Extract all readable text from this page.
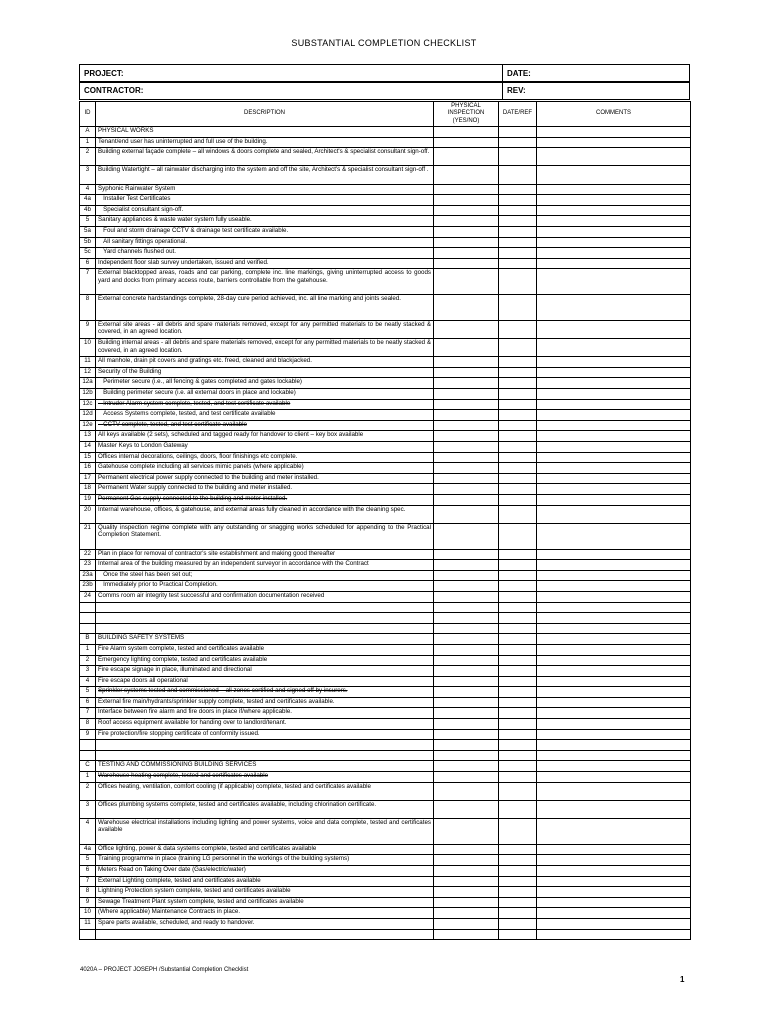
SUBSTANTIAL COMPLETION CHECKLIST
PROJECT:	DATE:
CONTRACTOR:	REV:
ID	DESCRIPTION	PHYSICAL INSPECTION (YES/NO)	DATE/REF	COMMENTS
A	PHYSICAL WORKS			
1	Tenant/end user has uninterrupted and full use of the building.			
2	Building external façade complete – all windows & doors complete and sealed, Architect's & specialist consultant sign-off.			
3	Building Watertight – all rainwater discharging into the system and off the site, Architect's & specialist consultant sign-off .			
4	Syphonic Rainwater System			
4a	Installer Test Certificates			
4b	Specialist consultant sign-off.			
5	Sanitary appliances & waste water system fully useable.			
5a	Foul and storm drainage CCTV & drainage test certificate available.			
5b	All sanitary fittings operational.			
5c	Yard channels flushed out.			
6	Independent floor slab survey undertaken, issued and verified.			
7	External blacktopped areas, roads and car parking, complete inc. line markings, giving uninterrupted access to goods yard and docks from primary access route, barriers controllable from the gatehouse.			
8	External concrete hardstandings complete, 28-day cure period achieved, inc. all line marking and joints sealed.			
9	External site areas - all debris and spare materials removed, except for any permitted materials to be neatly stacked & covered, in an agreed location.			
10	Building internal areas - all debris and spare materials removed, except for any permitted materials to be neatly stacked & covered, in an agreed location.			
11	All manhole, drain pit covers and gratings etc. freed, cleaned and blackjacked.			
12	Security of the Building			
12a	Perimeter secure (i.e., all fencing & gates completed and gates lockable)			
12b	Building perimeter secure (i.e. all external doors in place and lockable)			
12c	Intruder Alarm system complete, tested, and test certificate available			
12d	Access Systems complete, tested, and test certificate available			
12e	CCTV complete, tested, and test certificate available			
13	All keys available (2 sets), scheduled and tagged ready for handover to client – key box available			
14	Master Keys to London Gateway			
15	Offices internal decorations, ceilings, doors, floor finishings etc complete.			
16	Gatehouse complete including all services mimic panels (where applicable)			
17	Permanent electrical power supply connected to the building and meter installed.			
18	Permanent Water supply connected to the building and meter installed.			
19	Permanent Gas supply connected to the building and meter installed.			
20	Internal warehouse, offices, & gatehouse, and external areas fully cleaned in accordance with the cleaning spec.			
21	Quality inspection regime complete with any outstanding or snagging works scheduled for appending to the Practical Completion Statement.			
22	Plan in place for removal of contractor's site establishment and making good thereafter			
23	Internal area of the building measured by an independent surveyor in accordance with the Contract			
23a	Once the steel has been set out;			
23b	Immediately prior to Practical Completion.			
24	Comms room air integrity test successful and confirmation documentation received			

B	BUILDING SAFETY SYSTEMS			
1	Fire Alarm system complete, tested and certificates available			
2	Emergency lighting complete, tested and certificates available			
3	Fire escape signage in place, illuminated and directional			
4	Fire escape doors all operational			
5	Sprinkler systems tested and commissioned – all zones certified and signed off by insurers.			
6	External fire main/hydrants/sprinkler supply complete, tested and certificates available.			
7	Interface between fire alarm and fire doors in place if/where applicable.			
8	Roof access equipment available for handing over to landlord/tenant.			
9	Fire protection/fire stopping certificate of conformity issued.			

C	TESTING AND COMMISSIONING BUILDING SERVICES			
1	Warehouse heating complete, tested and certificates available			
2	Offices heating, ventilation, comfort cooling (if applicable) complete, tested and certificates available			
3	Offices plumbing systems complete, tested and certificates available, including chlorination certificate.			
4	Warehouse electrical installations including lighting and power systems, voice and data complete, tested and certificates available			
4a	Office lighting, power & data systems complete, tested and certificates available			
5	Training programme in place (training LG personnel in the workings of the building systems)			
6	Meters Read on Taking Over date (Gas/electric/water)			
7	External Lighting complete, tested and certificates available			
8	Lightning Protection system complete, tested and certificates available			
9	Sewage Treatment Plant system complete, tested and certificates available			
10	(Where applicable) Maintenance Contracts in place.			
11	Spare parts available, scheduled, and ready to handover.			

4020A – PROJECT JOSEPH /Substantial Completion Checklist
1
